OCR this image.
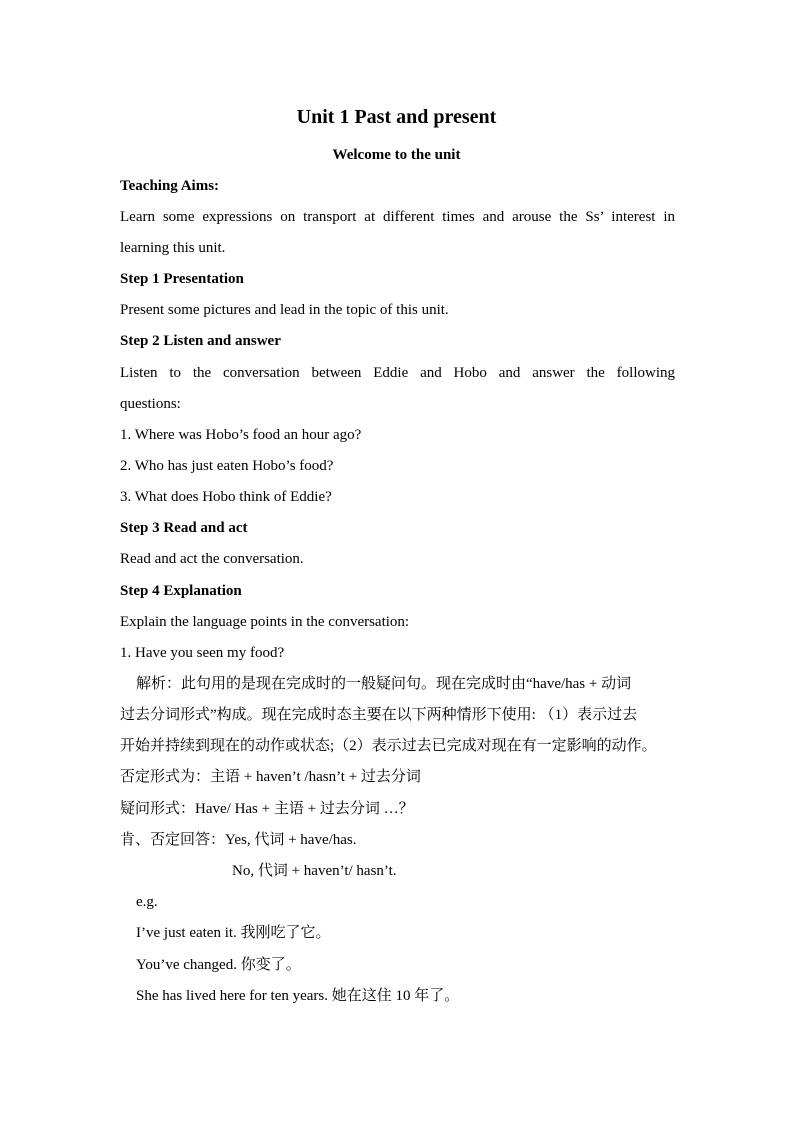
Unit 1 Past and present
Welcome to the unit
Teaching Aims:
Learn some expressions on transport at different times and arouse the Ss’ interest in
learning this unit.
Step 1 Presentation
Present some pictures and lead in the topic of this unit.
Step 2 Listen and answer
Listen to the conversation between Eddie and Hobo and answer the following
questions:
1. Where was Hobo’s food an hour ago?
2. Who has just eaten Hobo’s food?
3. What does Hobo think of Eddie?
Step 3 Read and act
Read and act the conversation.
Step 4 Explanation
Explain the language points in the conversation:
1. Have you seen my food?
解析：此句用的是现在完成时的一般疑问句。现在完成时由“have/has + 动词
过去分词形式”构成。现在完成时态主要在以下两种情形下使用: （1）表示过去
开始并持续到现在的动作或状态;（2）表示过去已完成对现在有一定影响的动作。
否定形式为：主语 + haven’t /hasn’t + 过去分词
疑问形式：Have/ Has + 主语 + 过去分词 …？
肯、否定回答：Yes, 代词 + have/has.
No, 代词 + haven’t/ hasn’t.
e.g.
I’ve just eaten it. 我刚吃了它。
You’ve changed. 你变了。
She has lived here for ten years. 她在这住 10 年了。
